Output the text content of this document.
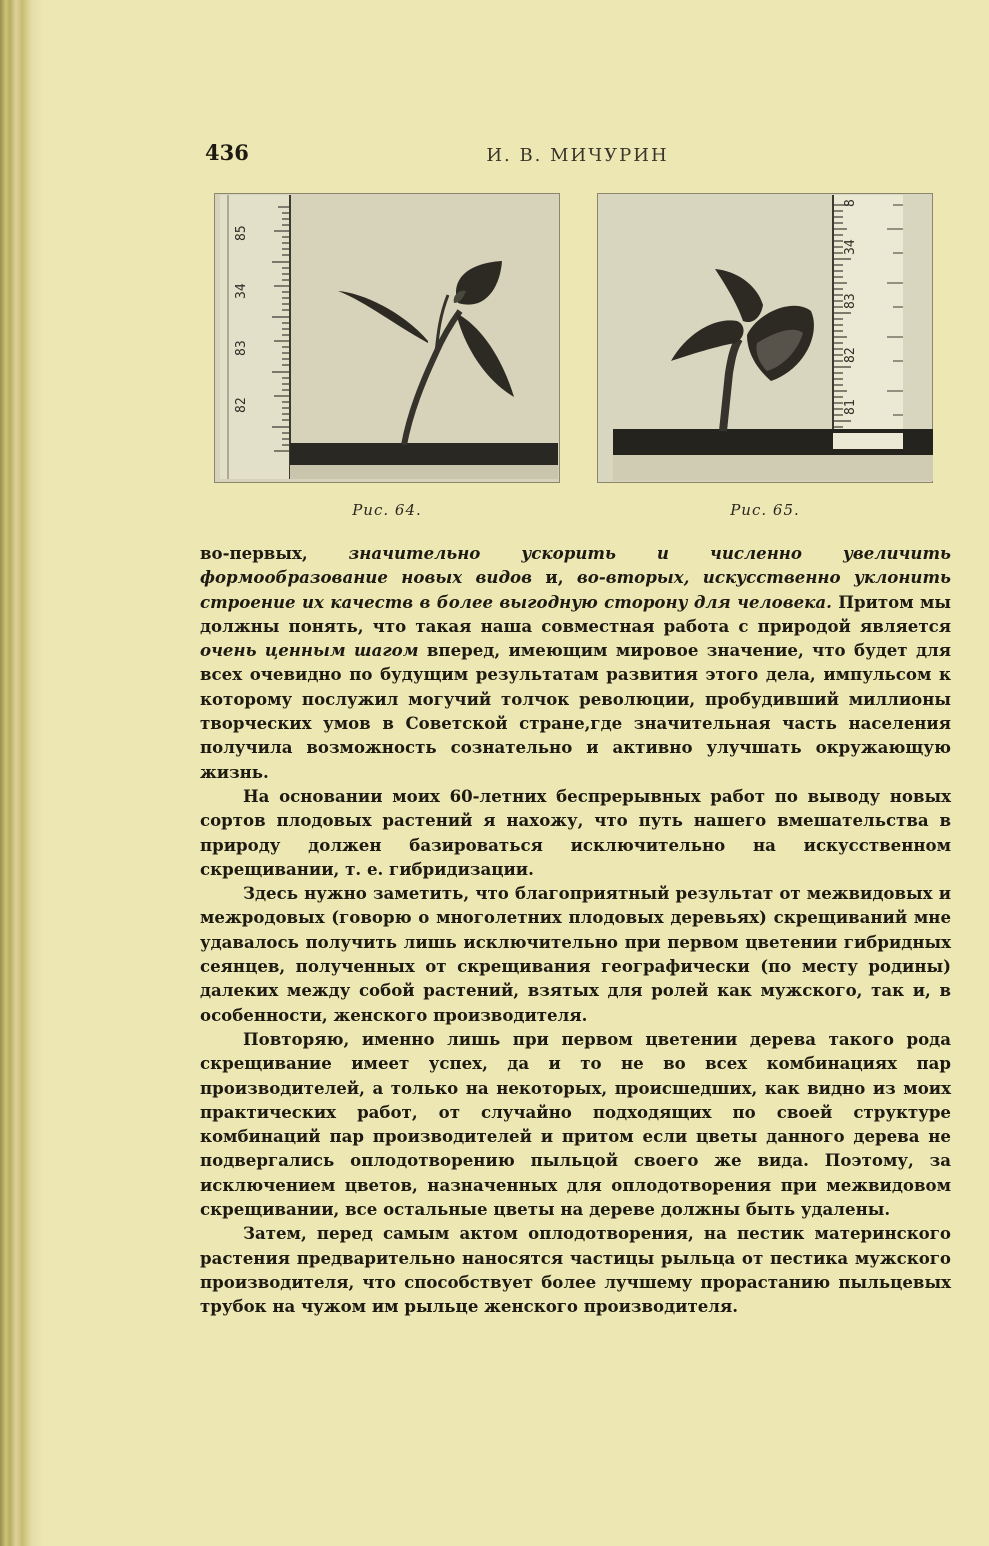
436	И. В. МИЧУРИН
85
34
83
82
Рис. 64.
8
34
83
82
81
Рис. 65.

во-первых, значительно ускорить и численно увеличить формообразование новых видов и, во-вторых, искусственно уклонить строение их качеств в более выгодную сторону для человека. Притом мы должны понять, что такая наша совместная работа с природой является очень ценным шагом вперед, имеющим мировое значение, что будет для всех очевидно по будущим результатам развития этого дела, импульсом к которому послужил могучий толчок революции, пробудивший миллионы творческих умов в Советской стране,где значительная часть населения получила возможность сознательно и активно улучшать окружающую жизнь.

На основании моих 60-летних беспрерывных работ по выводу новых сортов плодовых растений я нахожу, что путь нашего вмешательства в природу должен базироваться исключительно на искусственном скрещивании, т. е. гибридизации.

Здесь нужно заметить, что благоприятный результат от межвидовых и межродовых (говорю о многолетних плодовых деревьях) скрещиваний мне удавалось получить лишь исключительно при первом цветении гибридных сеянцев, полученных от скрещивания географически (по месту родины) далеких между собой растений, взятых для ролей как мужского, так и, в особенности, женского производителя.

Повторяю, именно лишь при первом цветении дерева такого рода скрещивание имеет успех, да и то не во всех комбинациях пар производителей, а только на некоторых, происшедших, как видно из моих практических работ, от случайно подходящих по своей структуре комбинаций пар производителей и притом если цветы данного дерева не подвергались оплодотворению пыльцой своего же вида. Поэтому, за исключением цветов, назначенных для оплодотворения при межвидовом скрещивании, все остальные цветы на дереве должны быть удалены.

Затем, перед самым актом оплодотворения, на пестик материнского растения предварительно наносятся частицы рыльца от пестика мужского производителя, что способствует более лучшему прорастанию пыльцевых трубок на чужом им рыльце женского производителя.
